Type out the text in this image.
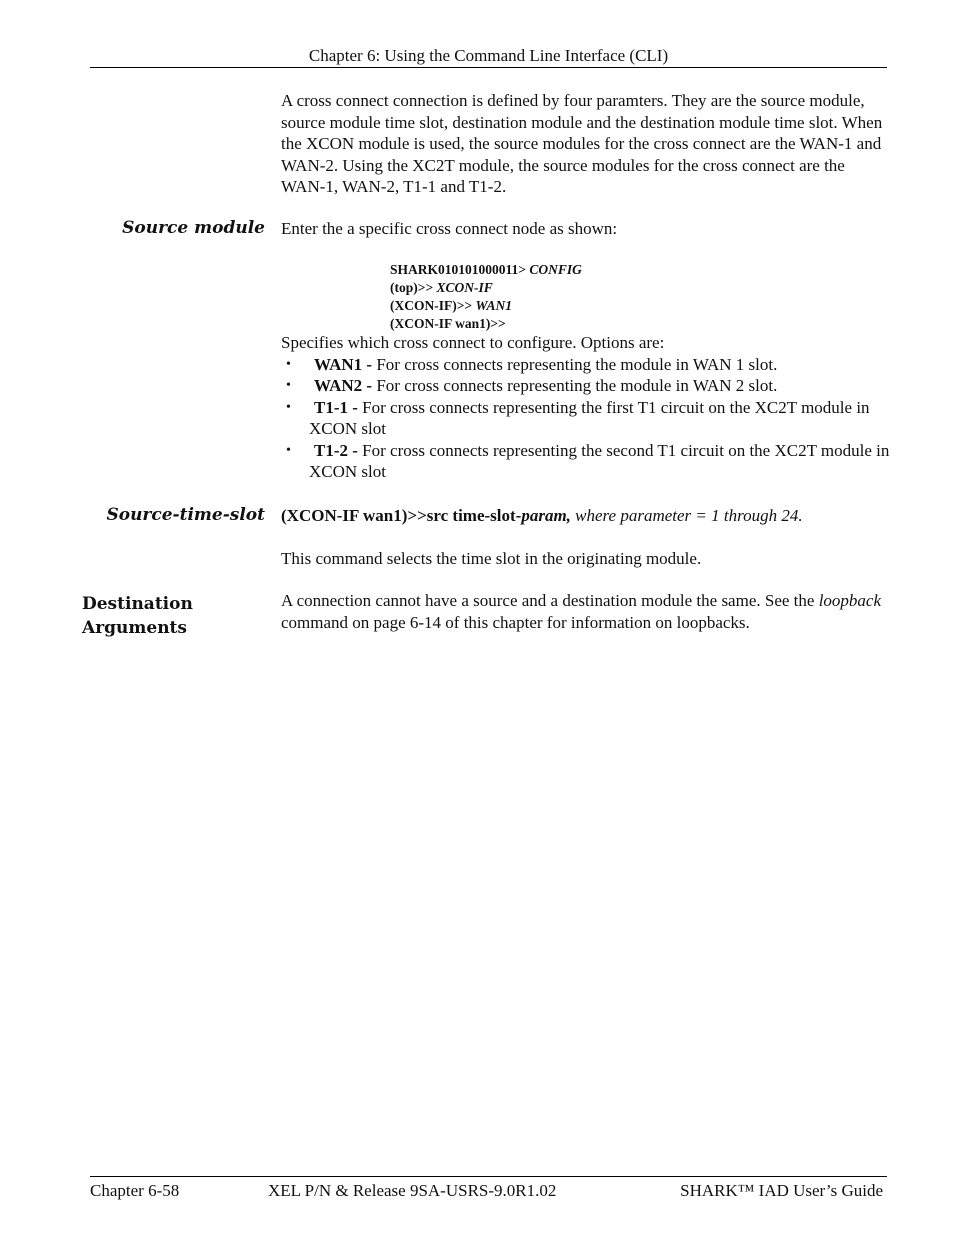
Chapter 6: Using the Command Line Interface (CLI)
A cross connect connection is defined by four paramters. They are the source module, source module time slot, destination module and the destination module time slot. When the XCON module is used, the source modules for the cross connect are the WAN-1 and WAN-2. Using the XC2T module, the source modules for the cross connect are the WAN-1, WAN-2, T1-1 and T1-2.
Source module Enter the a specific cross connect node as shown:
SHARK010101000011> CONFIG
(top)>> XCON-IF
(XCON-IF)>> WAN1
(XCON-IF wan1)>>
Specifies which cross connect to configure. Options are:
• WAN1 - For cross connects representing the module in WAN 1 slot.
• WAN2 - For cross connects representing the module in WAN 2 slot.
• T1-1 - For cross connects representing the first T1 circuit on the XC2T module in XCON slot
• T1-2 - For cross connects representing the second T1 circuit on the XC2T module in XCON slot
Source-time-slot (XCON-IF wan1)>>src time-slot-param, where parameter = 1 through 24.
This command selects the time slot in the originating module.
Destination
Arguments
A connection cannot have a source and a destination module the same. See the loopback command on page 6-14 of this chapter for information on loopbacks.
Chapter 6-58	XEL P/N & Release 9SA-USRS-9.0R1.02	SHARK™ IAD User’s Guide
